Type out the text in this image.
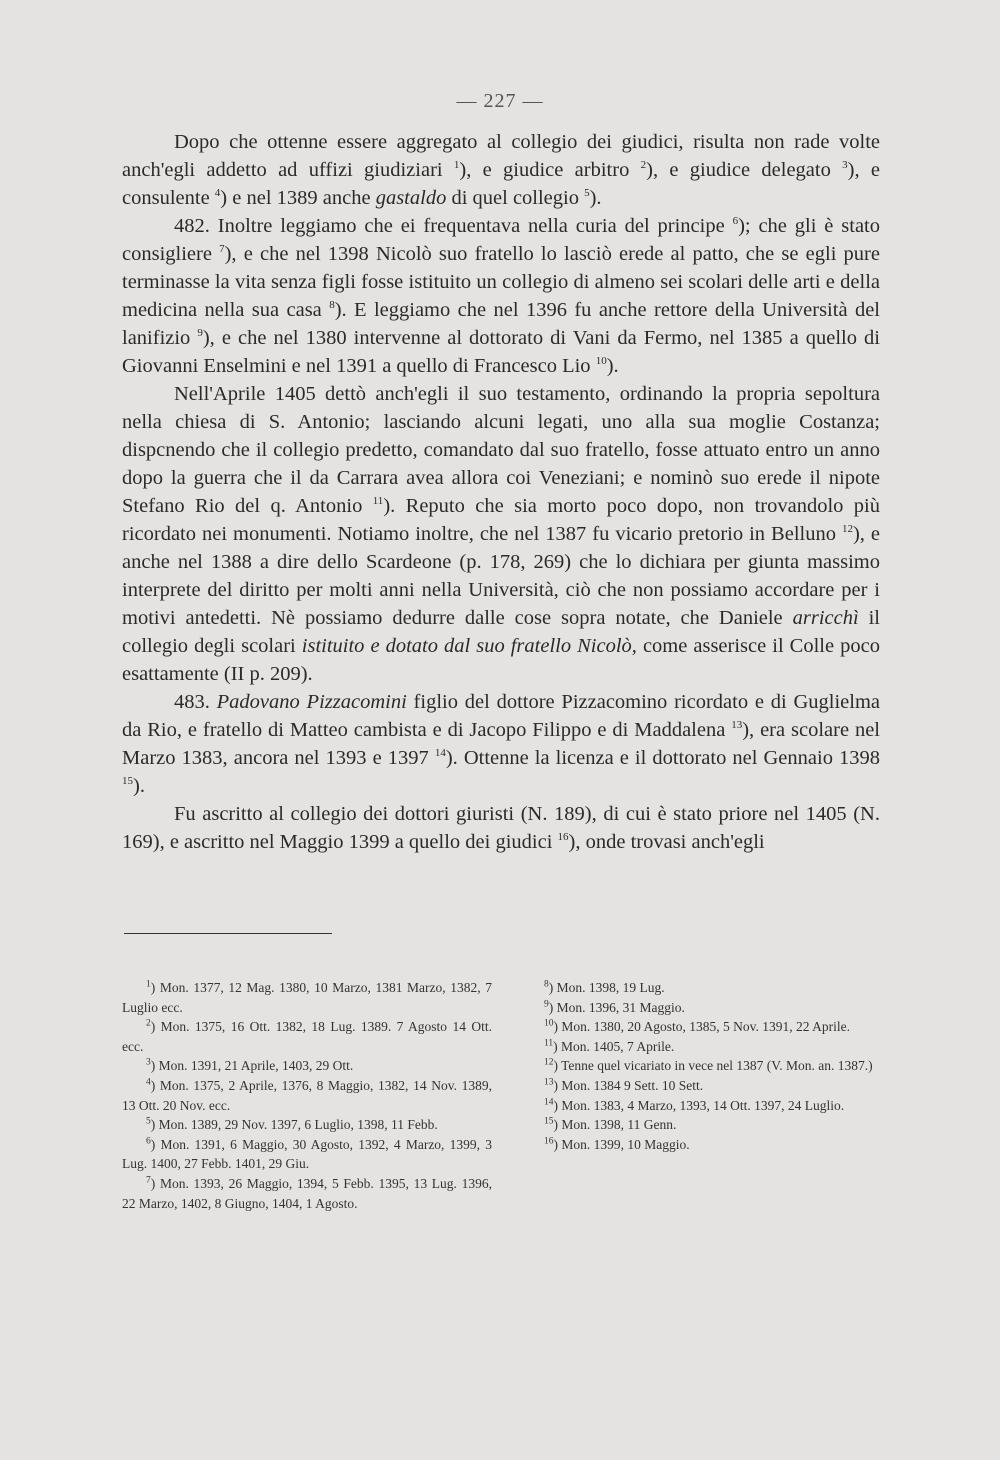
— 227 —

Dopo che ottenne essere aggregato al collegio dei giudici, risulta non rade volte anch'egli addetto ad uffizi giudiziari $^1$), e giudice arbitro $^2$), e giudice delegato $^3$), e consulente $^4$) e nel 1389 anche gastaldo di quel collegio $^5$).

482. Inoltre leggiamo che ei frequentava nella curia del principe $^6$); che gli è stato consigliere $^7$), e che nel 1398 Nicolò suo fratello lo lasciò erede al patto, che se egli pure terminasse la vita senza figli fosse istituito un collegio di almeno sei scolari delle arti e della medicina nella sua casa $^8$). E leggiamo che nel 1396 fu anche rettore della Università del lanifizio $^9$), e che nel 1380 intervenne al dottorato di Vani da Fermo, nel 1385 a quello di Giovanni Enselmini e nel 1391 a quello di Francesco Lio $^{10}$).

Nell'Aprile 1405 dettò anch'egli il suo testamento, ordinando la propria sepoltura nella chiesa di S. Antonio; lasciando alcuni legati, uno alla sua moglie Costanza; dispcnendo che il collegio predetto, comandato dal suo fratello, fosse attuato entro un anno dopo la guerra che il da Carrara avea allora coi Veneziani; e nominò suo erede il nipote Stefano Rio del q. Antonio $^{11}$). Reputo che sia morto poco dopo, non trovandolo più ricordato nei monumenti. Notiamo inoltre, che nel 1387 fu vicario pretorio in Belluno $^{12}$), e anche nel 1388 a dire dello Scardeone (p. 178, 269) che lo dichiara per giunta massimo interprete del diritto per molti anni nella Università, ciò che non possiamo accordare per i motivi antedetti. Nè possiamo dedurre dalle cose sopra notate, che Daniele arricchì il collegio degli scolari istituito e dotato dal suo fratello Nicolò, come asserisce il Colle poco esattamente (II p. 209).

483. Padovano Pizzacomini figlio del dottore Pizzacomino ricordato e di Guglielma da Rio, e fratello di Matteo cambista e di Jacopo Filippo e di Maddalena $^{13}$), era scolare nel Marzo 1383, ancora nel 1393 e 1397 $^{14}$). Ottenne la licenza e il dottorato nel Gennaio 1398 $^{15}$).

Fu ascritto al collegio dei dottori giuristi (N. 189), di cui è stato priore nel 1405 (N. 169), e ascritto nel Maggio 1399 a quello dei giudici $^{16}$), onde trovasi anch'egli

$^1$) Mon. 1377, 12 Mag. 1380, 10 Marzo, 1381 Marzo, 1382, 7 Luglio ecc.
$^2$) Mon. 1375, 16 Ott. 1382, 18 Lug. 1389. 7 Agosto 14 Ott. ecc.
$^3$) Mon. 1391, 21 Aprile, 1403, 29 Ott.
$^4$) Mon. 1375, 2 Aprile, 1376, 8 Maggio, 1382, 14 Nov. 1389, 13 Ott. 20 Nov. ecc.
$^5$) Mon. 1389, 29 Nov. 1397, 6 Luglio, 1398, 11 Febb.
$^6$) Mon. 1391, 6 Maggio, 30 Agosto, 1392, 4 Marzo, 1399, 3 Lug. 1400, 27 Febb. 1401, 29 Giu.
$^7$) Mon. 1393, 26 Maggio, 1394, 5 Febb. 1395, 13 Lug. 1396, 22 Marzo, 1402, 8 Giugno, 1404, 1 Agosto.
$^8$) Mon. 1398, 19 Lug.
$^9$) Mon. 1396, 31 Maggio.
$^{10}$) Mon. 1380, 20 Agosto, 1385, 5 Nov. 1391, 22 Aprile.
$^{11}$) Mon. 1405, 7 Aprile.
$^{12}$) Tenne quel vicariato in vece nel 1387 (V. Mon. an. 1387.)
$^{13}$) Mon. 1384 9 Sett. 10 Sett.
$^{14}$) Mon. 1383, 4 Marzo, 1393, 14 Ott. 1397, 24 Luglio.
$^{15}$) Mon. 1398, 11 Genn.
$^{16}$) Mon. 1399, 10 Maggio.
